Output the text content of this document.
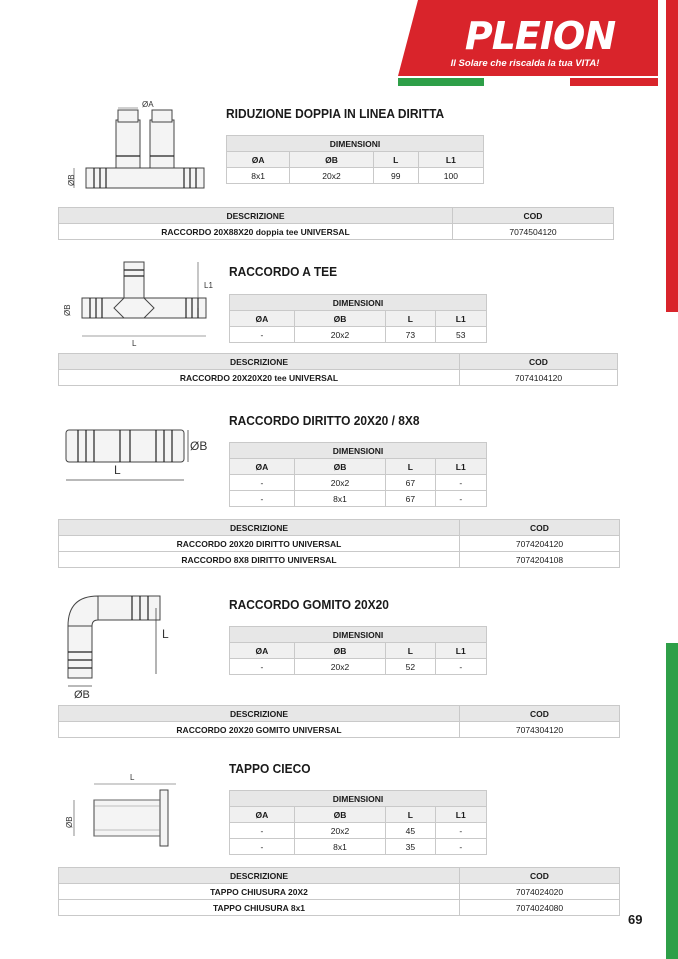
PLEION
Il Solare che riscalda la tua VITA!
ØA
ØB
RIDUZIONE DOPPIA IN LINEA DIRITTA
DIMENSIONI			
ØA	ØB	L	L1
8x1	20x2	99	100
DESCRIZIONE	COD
RACCORDO 20X88X20 doppia tee UNIVERSAL	7074504120
L
L1
ØB
RACCORDO A TEE
DIMENSIONI			
ØA	ØB	L	L1
-	20x2	73	53
DESCRIZIONE	COD
RACCORDO 20X20X20 tee UNIVERSAL	7074104120
ØB
L
RACCORDO DIRITTO 20X20 / 8X8
DIMENSIONI			
ØA	ØB	L	L1
-	20x2	67	-
-	8x1	67	-
DESCRIZIONE	COD
RACCORDO 20X20 DIRITTO UNIVERSAL	7074204120
RACCORDO 8X8 DIRITTO UNIVERSAL	7074204108
L
ØB
RACCORDO GOMITO 20X20
DIMENSIONI			
ØA	ØB	L	L1
-	20x2	52	-
DESCRIZIONE	COD
RACCORDO 20X20 GOMITO UNIVERSAL	7074304120
L
ØB
TAPPO CIECO
DIMENSIONI			
ØA	ØB	L	L1
-	20x2	45	-
-	8x1	35	-
DESCRIZIONE	COD
TAPPO CHIUSURA 20X2	7074024020
TAPPO CHIUSURA 8x1	7074024080
69
